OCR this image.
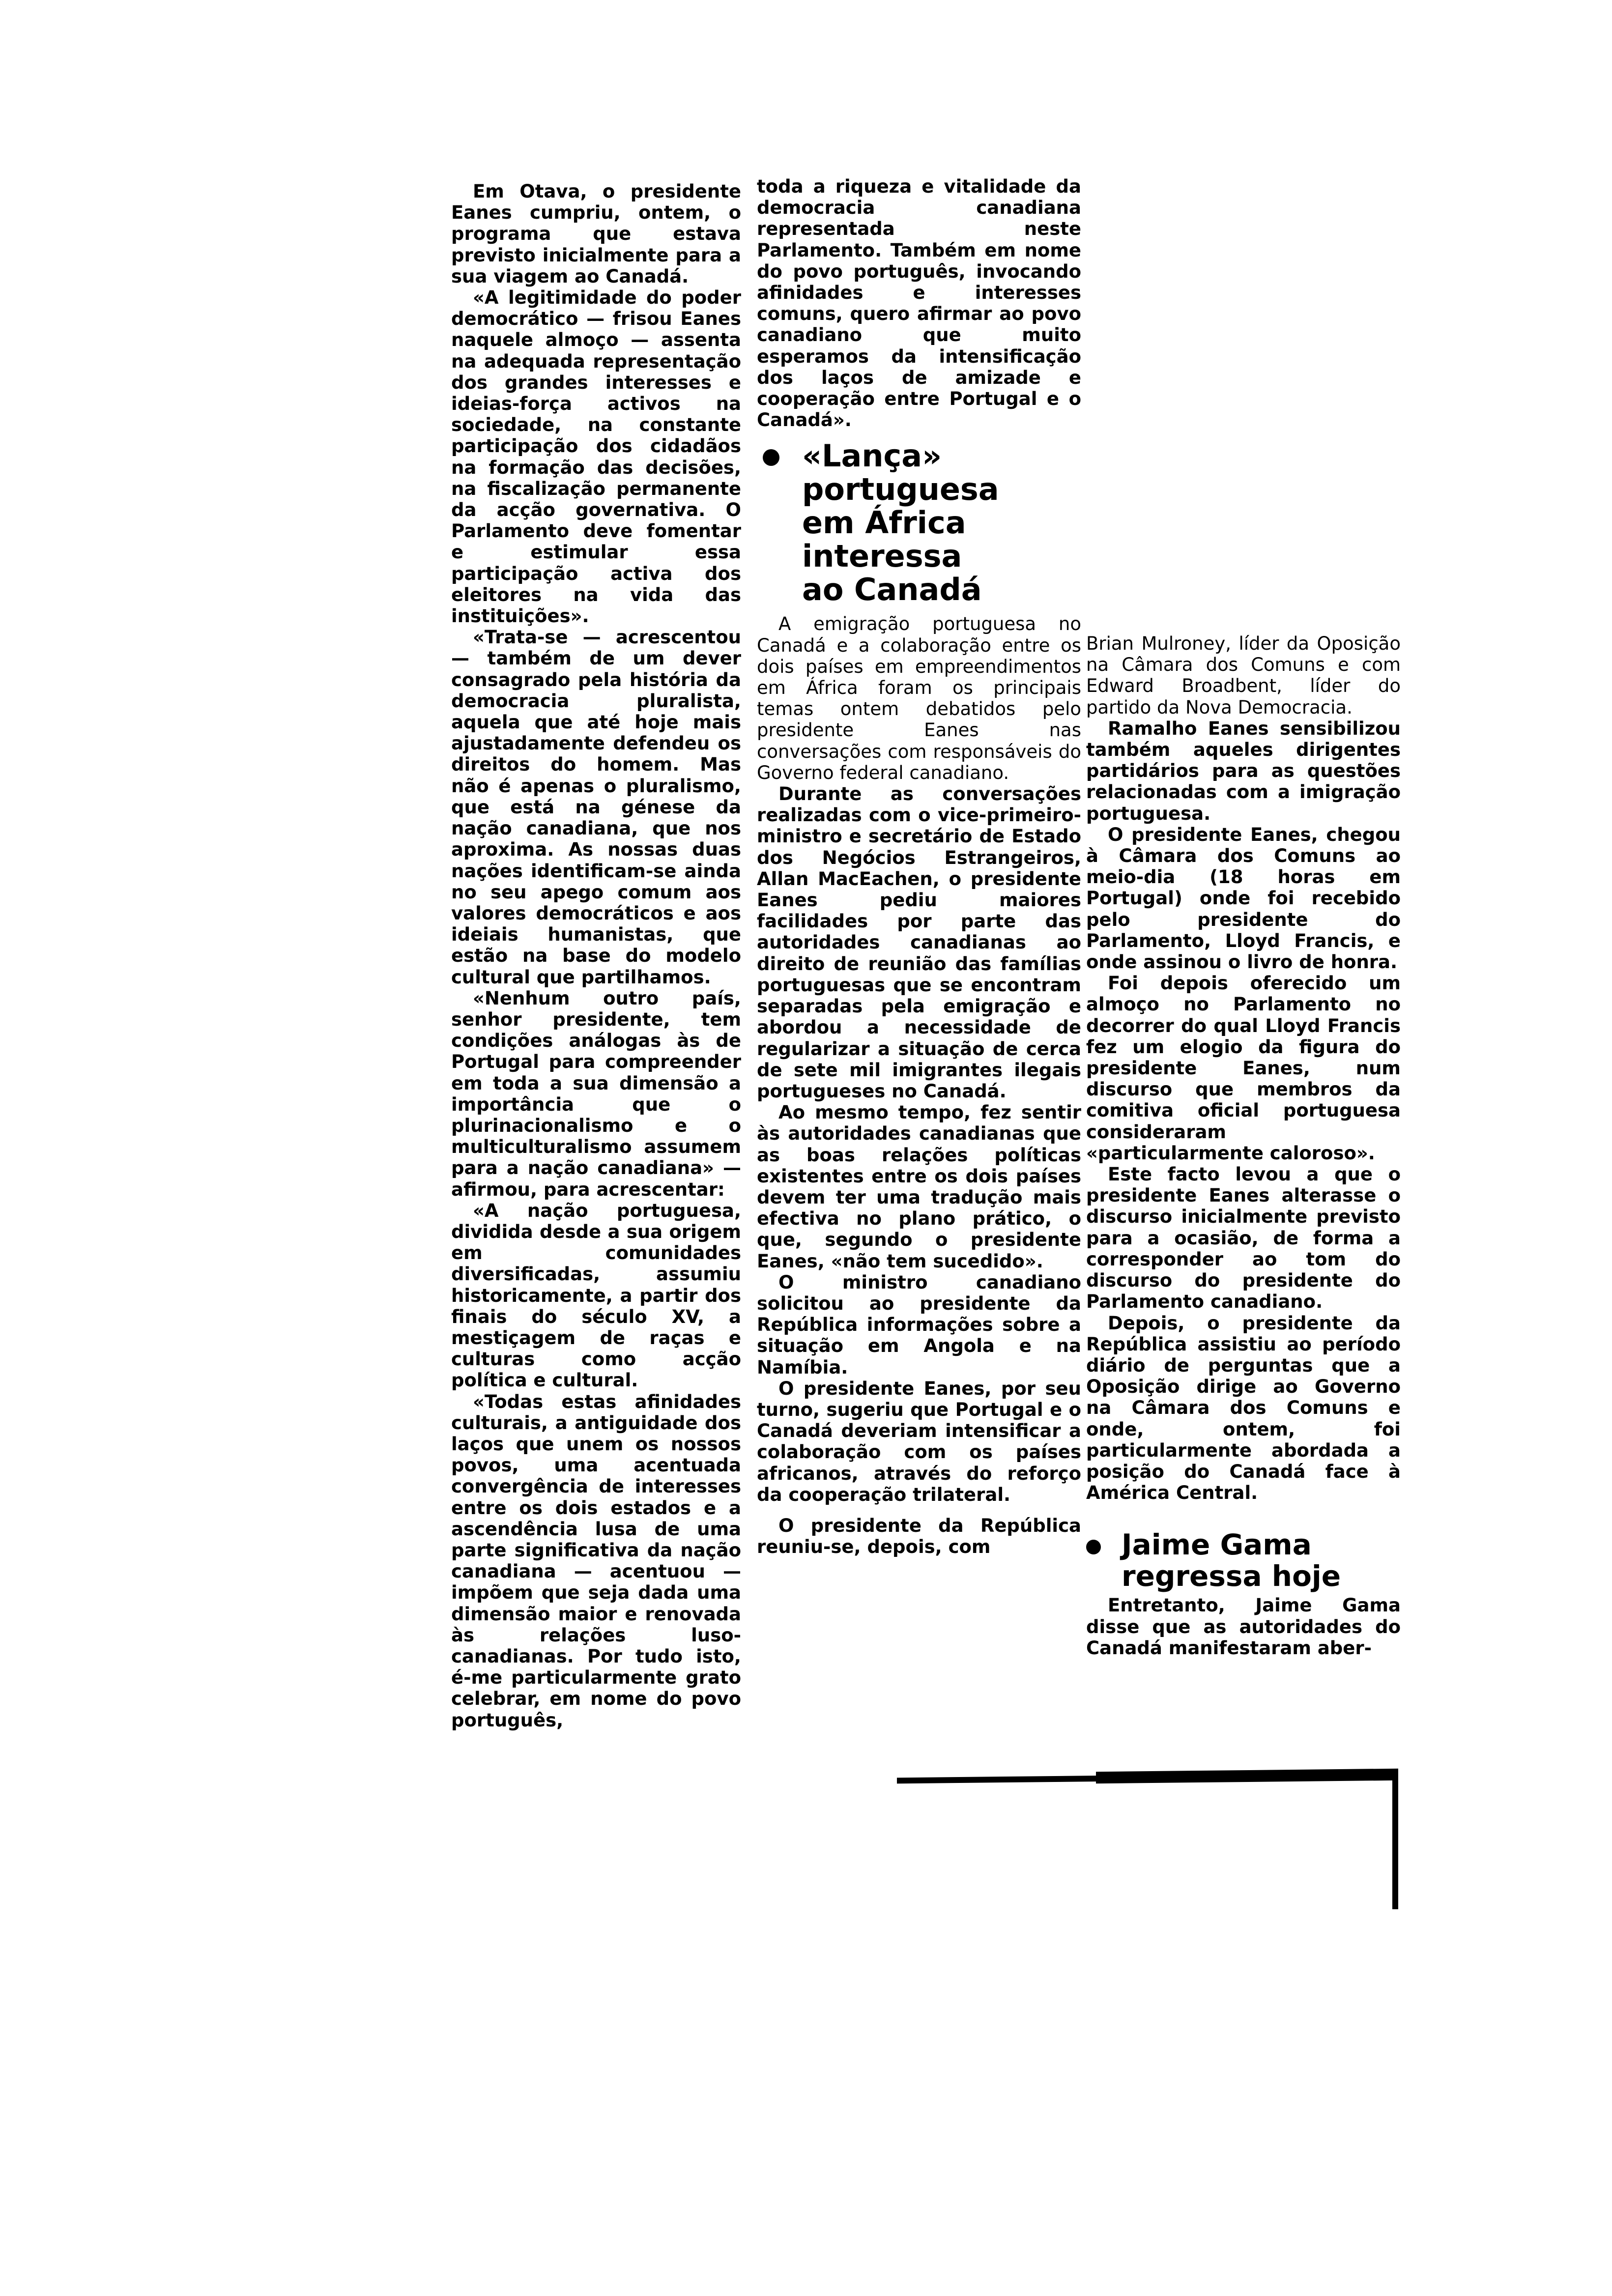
Em Otava, o presidente Eanes cumpriu, ontem, o programa que estava previsto inicialmente para a sua viagem ao Canadá.

«A legitimidade do poder democrático — frisou Eanes naquele almoço — assenta na adequada representação dos grandes interesses e ideias-força activos na sociedade, na constante participação dos cidadãos na formação das decisões, na fiscalização permanente da acção governativa. O Parlamento deve fomentar e estimular essa participação activa dos eleitores na vida das instituições».

«Trata-se — acrescentou — também de um dever consagrado pela história da democracia pluralista, aquela que até hoje mais ajustadamente defendeu os direitos do homem. Mas não é apenas o pluralismo, que está na génese da nação canadiana, que nos aproxima. As nossas duas nações identificam-se ainda no seu apego comum aos valores democráticos e aos ideiais humanistas, que estão na base do modelo cultural que partilhamos.

«Nenhum outro país, senhor presidente, tem condições análogas às de Portugal para compreender em toda a sua dimensão a importância que o plurinacionalismo e o multiculturalismo assumem para a nação canadiana» — afirmou, para acrescentar:

«A nação portuguesa, dividida desde a sua origem em comunidades diversificadas, assumiu historicamente, a partir dos finais do século XV, a mestiçagem de raças e culturas como acção política e cultural.

«Todas estas afinidades culturais, a antiguidade dos laços que unem os nossos povos, uma acentuada convergência de interesses entre os dois estados e a ascendência lusa de uma parte significativa da nação canadiana — acentuou — impõem que seja dada uma dimensão maior e renovada às relações luso-canadianas. Por tudo isto, é-me particularmente grato celebrar, em nome do povo português,

toda a riqueza e vitalidade da democracia canadiana representada neste Parlamento. Também em nome do povo português, invocando afinidades e interesses comuns, quero afirmar ao povo canadiano que muito esperamos da intensificação dos laços de amizade e cooperação entre Portugal e o Canadá».

«Lança»
portuguesa
em África
interessa
ao Canadá

A emigração portuguesa no Canadá e a colaboração entre os dois países em empreendimentos em África foram os principais temas ontem debatidos pelo presidente Eanes nas conversações com responsáveis do Governo federal canadiano.

Durante as conversações realizadas com o vice-primeiro-ministro e secretário de Estado dos Negócios Estrangeiros, Allan MacEachen, o presidente Eanes pediu maiores facilidades por parte das autoridades canadianas ao direito de reunião das famílias portuguesas que se encontram separadas pela emigração e abordou a necessidade de regularizar a situação de cerca de sete mil imigrantes ilegais portugueses no Canadá.

Ao mesmo tempo, fez sentir às autoridades canadianas que as boas relações políticas existentes entre os dois países devem ter uma tradução mais efectiva no plano prático, o que, segundo o presidente Eanes, «não tem sucedido».

O ministro canadiano solicitou ao presidente da República informações sobre a situação em Angola e na Namíbia.

O presidente Eanes, por seu turno, sugeriu que Portugal e o Canadá deveriam intensificar a colaboração com os países africanos, através do reforço da cooperação trilateral.

O presidente da República reuniu-se, depois, com

Brian Mulroney, líder da Oposição na Câmara dos Comuns e com Edward Broadbent, líder do partido da Nova Democracia.

Ramalho Eanes sensibilizou também aqueles dirigentes partidários para as questões relacionadas com a imigração portuguesa.

O presidente Eanes, chegou à Câmara dos Comuns ao meio-dia (18 horas em Portugal) onde foi recebido pelo presidente do Parlamento, Lloyd Francis, e onde assinou o livro de honra.

Foi depois oferecido um almoço no Parlamento no decorrer do qual Lloyd Francis fez um elogio da figura do presidente Eanes, num discurso que membros da comitiva oficial portuguesa consideraram «particularmente caloroso».

Este facto levou a que o presidente Eanes alterasse o discurso inicialmente previsto para a ocasião, de forma a corresponder ao tom do discurso do presidente do Parlamento canadiano.

Depois, o presidente da República assistiu ao período diário de perguntas que a Oposição dirige ao Governo na Câmara dos Comuns e onde, ontem, foi particularmente abordada a posição do Canadá face à América Central.

Jaime Gama
regressa hoje

Entretanto, Jaime Gama disse que as autoridades do Canadá manifestaram aber-
